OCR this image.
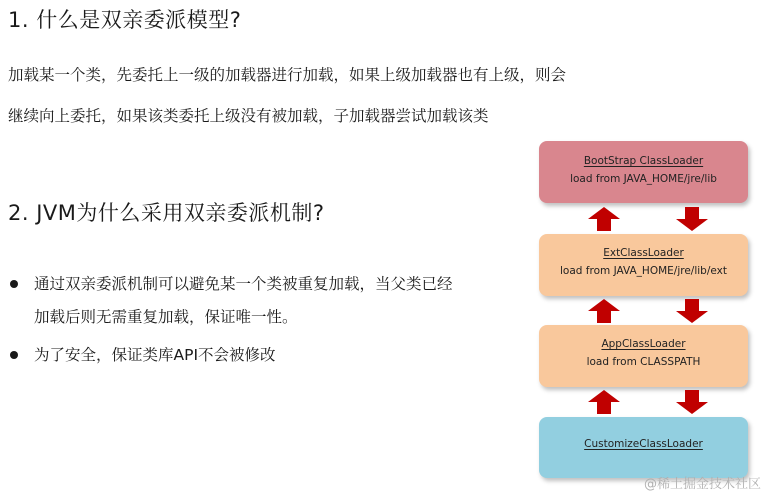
1. 什么是双亲委派模型?

加载某一个类，先委托上一级的加载器进行加载，如果上级加载器也有上级，则会

继续向上委托，如果该类委托上级没有被加载，子加载器尝试加载该类

2. JVM为什么采用双亲委派机制?
通过双亲委派机制可以避免某一个类被重复加载，当父类已经
加载后则无需重复加载，保证唯一性。
为了安全，保证类库API不会被修改
BootStrap ClassLoader
load from JAVA_HOME/jre/lib
ExtClassLoader
load from JAVA_HOME/jre/lib/ext
AppClassLoader
load from CLASSPATH
CustomizeClassLoader
@稀土掘金技术社区
